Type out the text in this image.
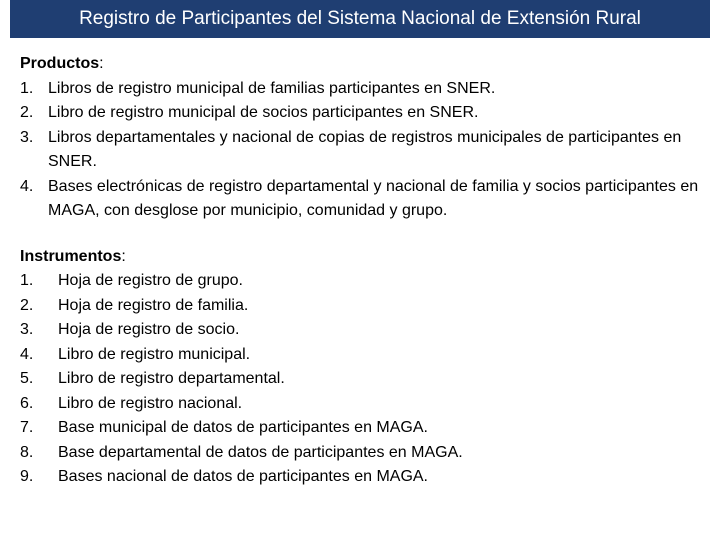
Registro de Participantes del Sistema Nacional de Extensión Rural
Productos:
1. Libros de registro municipal de familias participantes en SNER.
2. Libro de registro municipal de socios participantes en SNER.
3. Libros departamentales y nacional de copias de registros municipales de participantes en SNER.
4. Bases electrónicas de registro departamental y nacional de familia y socios participantes en MAGA, con desglose por municipio, comunidad y grupo.
Instrumentos:
1.	Hoja de registro de grupo.
2.	Hoja de registro de familia.
3.	Hoja de registro de socio.
4.	Libro de registro municipal.
5.	Libro de registro departamental.
6.	Libro de registro nacional.
7.	Base municipal de datos de participantes en MAGA.
8.	Base departamental de datos de participantes en MAGA.
9.	Bases nacional de datos de participantes en MAGA.
